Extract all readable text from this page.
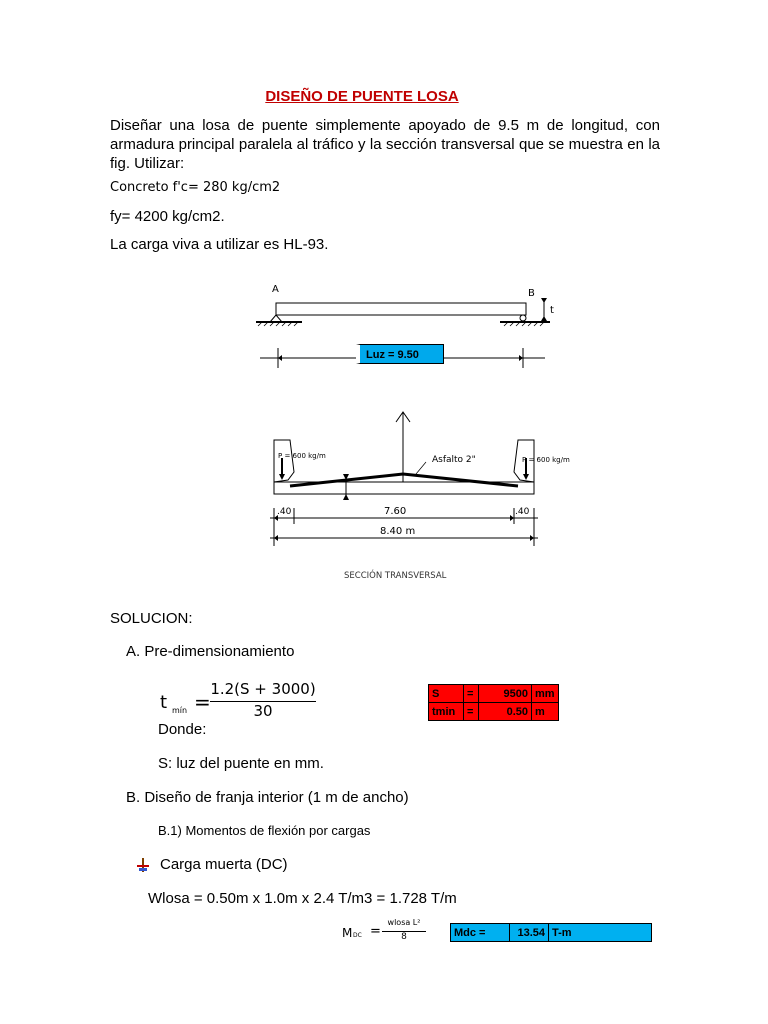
DISEÑO DE PUENTE LOSA
Diseñar una losa de puente simplemente apoyado de 9.5 m de longitud, con armadura principal paralela al tráfico y la sección transversal que se muestra en la fig. Utilizar:
Concreto f'c= 280 kg/cm2
fy= 4200 kg/cm2.
La carga viva a utilizar es HL-93.
A	B
t
Luz = 9.50
P = 600 kg/m	P = 600 kg/m
Asfalto 2"
.40	7.60	.40
8.40 m
SECCIÓN TRANSVERSAL
SOLUCION:
A. Pre-dimensionamiento
t mín =
1.2(S + 3000)
30
S	=	9500	mm
tmin	=	0.50	m
Donde:
S: luz del puente en mm.
B. Diseño de franja interior (1 m de ancho)
B.1) Momentos de flexión por cargas
Carga muerta (DC)
Wlosa = 0.50m x 1.0m x 2.4 T/m3 = 1.728 T/m
M DC =
wlosa L²
8	Mdc =	13.54	T-m
